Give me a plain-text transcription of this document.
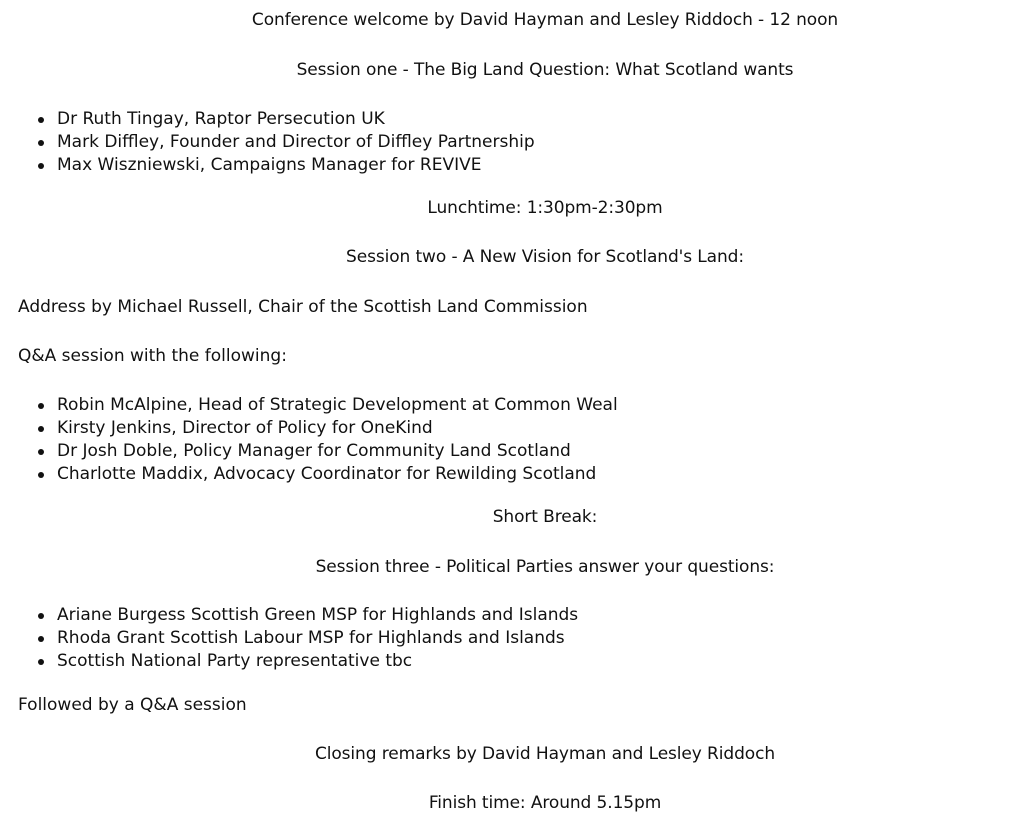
Conference welcome by David Hayman and Lesley Riddoch - 12 noon
Session one - The Big Land Question: What Scotland wants
Dr Ruth Tingay, Raptor Persecution UK
Mark Diffley, Founder and Director of Diffley Partnership
Max Wiszniewski, Campaigns Manager for REVIVE
Lunchtime: 1:30pm-2:30pm
Session two - A New Vision for Scotland's Land:
Address by Michael Russell, Chair of the Scottish Land Commission
Q&A session with the following:
Robin McAlpine, Head of Strategic Development at Common Weal
Kirsty Jenkins, Director of Policy for OneKind
Dr Josh Doble, Policy Manager for Community Land Scotland
Charlotte Maddix, Advocacy Coordinator for Rewilding Scotland
Short Break:
Session three - Political Parties answer your questions:
Ariane Burgess Scottish Green MSP for Highlands and Islands
Rhoda Grant Scottish Labour MSP for Highlands and Islands
Scottish National Party representative tbc
Followed by a Q&A session
Closing remarks by David Hayman and Lesley Riddoch
Finish time: Around 5.15pm
